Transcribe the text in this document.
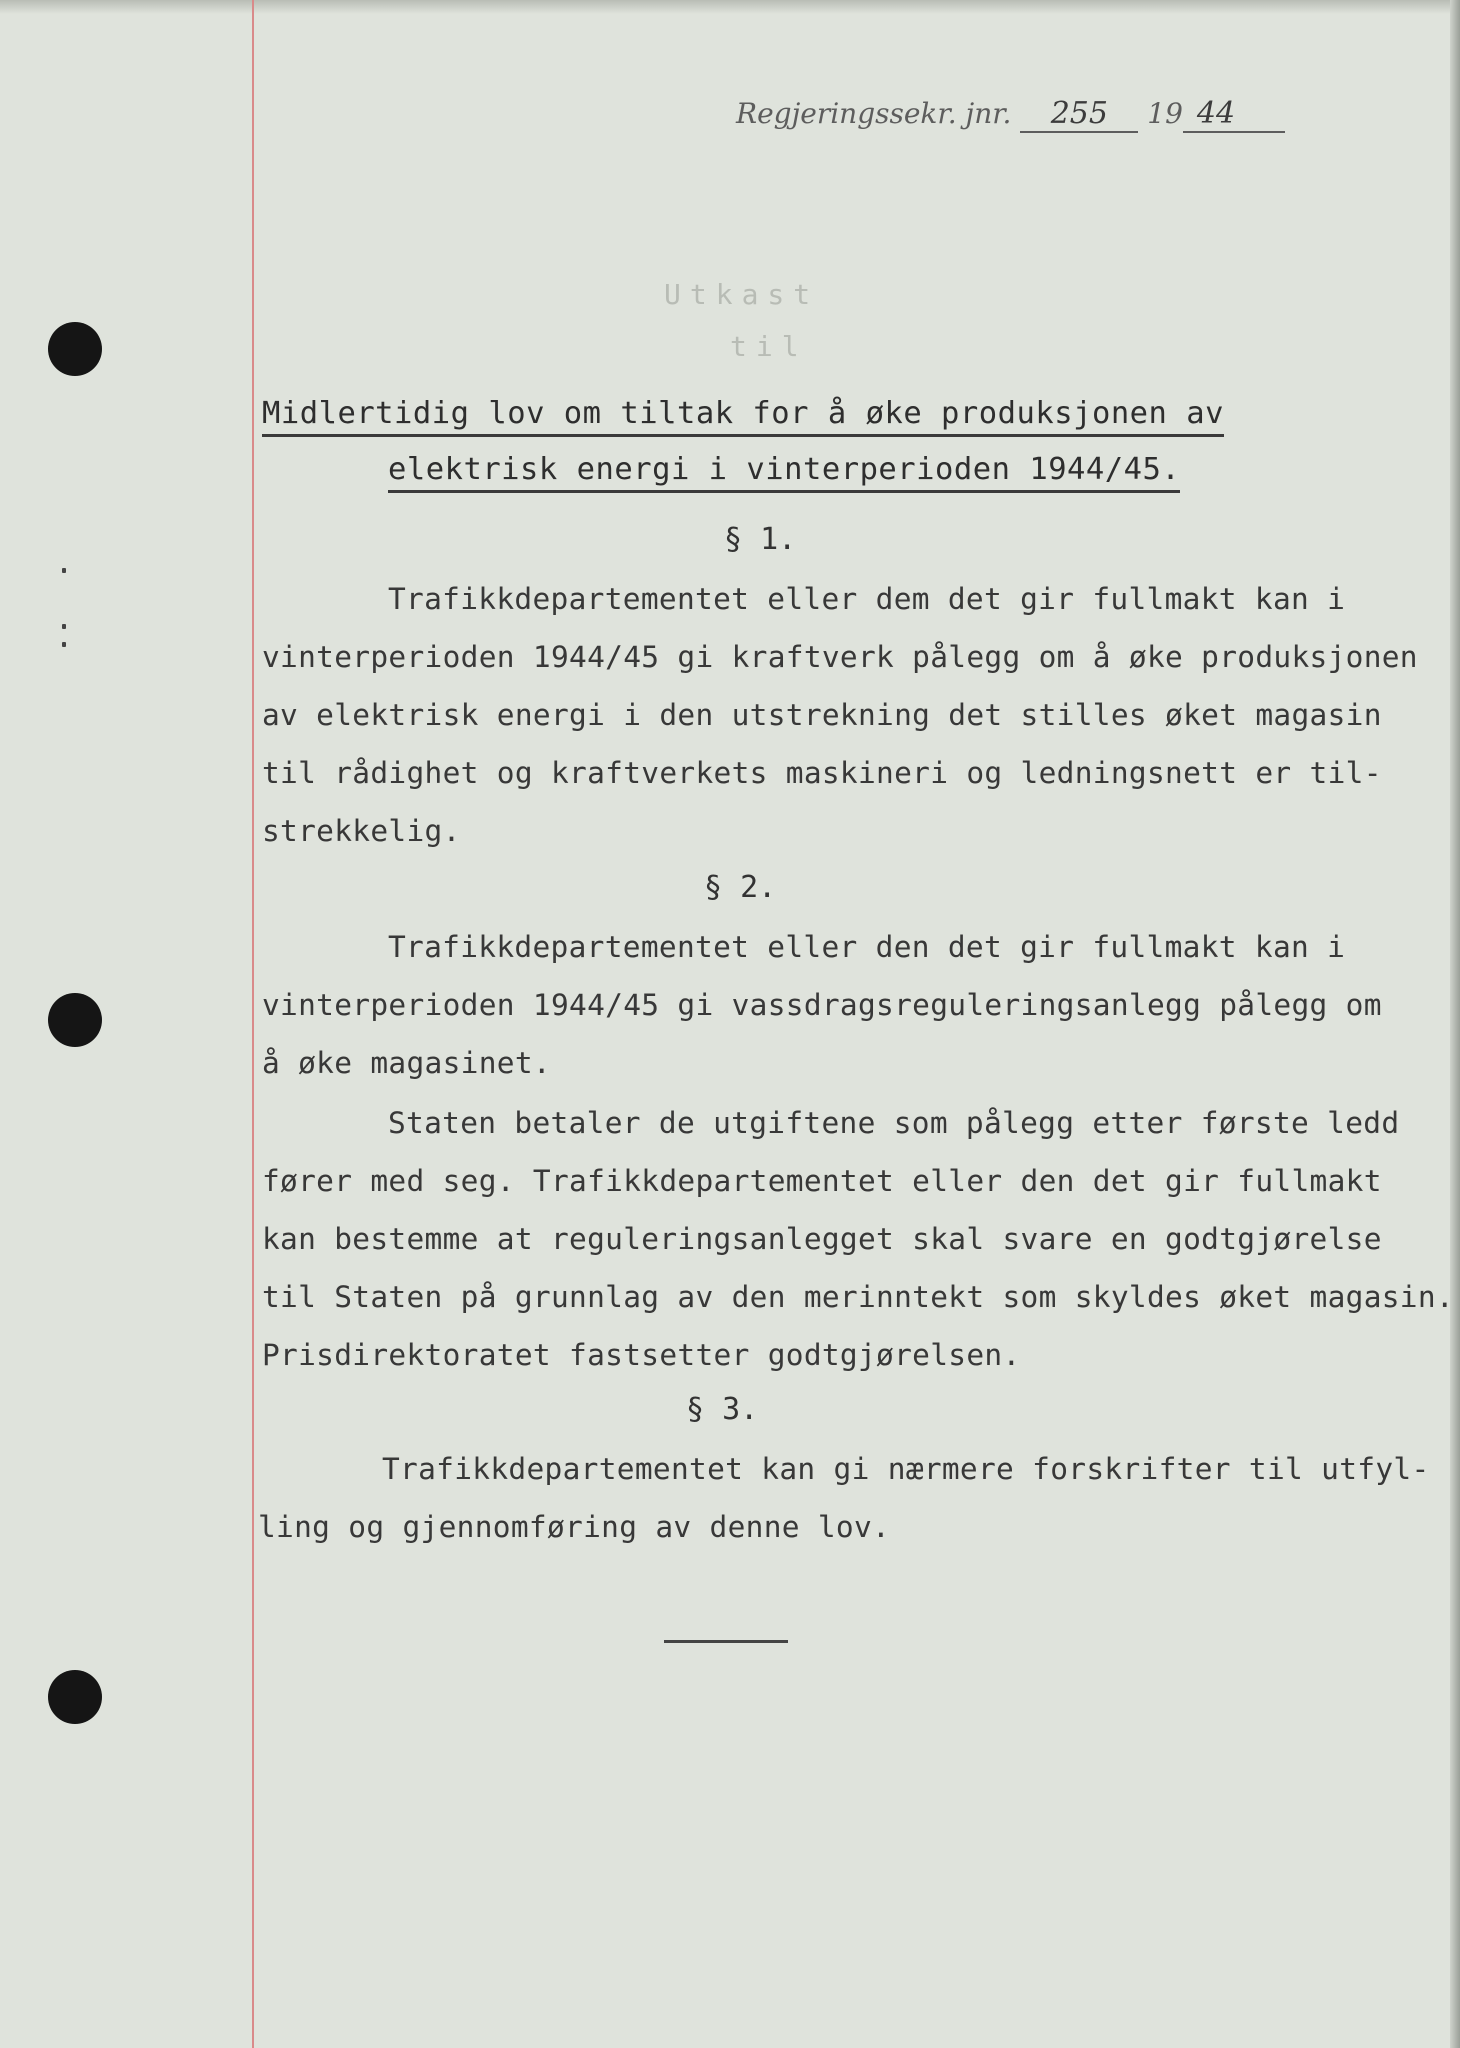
Regjeringssekr. jnr. 255 19 44
Utkast
til
Midlertidig lov om tiltak for å øke produksjonen av
elektrisk energi i vinterperioden 1944/45.
§ 1.
Trafikkdepartementet eller dem det gir fullmakt kan i
vinterperioden 1944/45 gi kraftverk pålegg om å øke produksjonen
av elektrisk energi i den utstrekning det stilles øket magasin
til rådighet og kraftverkets maskineri og ledningsnett er til-
strekkelig.
§ 2.
Trafikkdepartementet eller den det gir fullmakt kan i
vinterperioden 1944/45 gi vassdragsreguleringsanlegg pålegg om
å øke magasinet.
Staten betaler de utgiftene som pålegg etter første ledd
fører med seg. Trafikkdepartementet eller den det gir fullmakt
kan bestemme at reguleringsanlegget skal svare en godtgjørelse
til Staten på grunnlag av den merinntekt som skyldes øket magasin.
Prisdirektoratet fastsetter godtgjørelsen.
§ 3.
Trafikkdepartementet kan gi nærmere forskrifter til utfyl-
ling og gjennomføring av denne lov.
